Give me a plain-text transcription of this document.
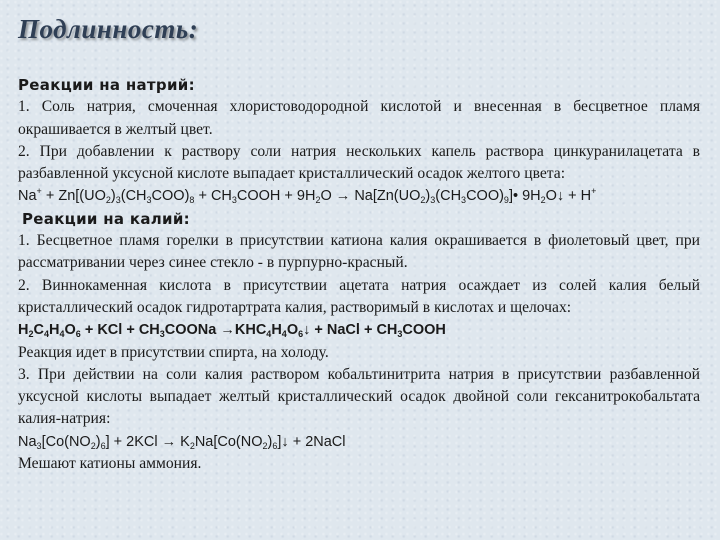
Подлинность:

Реакции на натрий:

1. Соль натрия, смоченная хлористоводородной кислотой и внесенная в бесцветное пламя окрашивается в желтый цвет.

2. При добавлении к раствору соли натрия нескольких капель раствора цинкуранилацетата в разбавленной уксусной кислоте выпадает кристаллический осадок желтого цвета:

$Na^+ + Zn[(UO_2)_3(CH_3COO)_8$ + $CH_3COOH + 9H_2O$ → $Na[Zn(UO_2)_3(CH_3COO)_9]•$ $9H_2O↓ + H^+$

Реакции на калий:

1. Бесцветное пламя горелки в присутствии катиона калия окрашивается в фиолетовый цвет, при рассматривании через синее стекло - в пурпурно-красный.

2. Виннокаменная кислота в присутствии ацетата натрия осаждает из солей калия белый кристаллический осадок гидротартрата калия, растворимый в кислотах и щелочах:

$H_2C_4H_4O_6$ + KCl + $CH_3COONa$ $\to KHC_4H_4O_6↓$ + NaCl + $CH_3COOH$

Реакция идет в присутствии спирта, на холоду.

3. При действии на соли калия раствором кобальтинитрита натрия в присутствии разбавленной уксусной кислоты выпадает желтый кристаллический осадок двойной соли гексанитрокобальтата калия-натрия:

$Na_3[Co(NO_2)_6] + 2KCl$ → $K_2Na[Co(NO_2)_6]↓$ + 2NaCl

Мешают катионы аммония.
